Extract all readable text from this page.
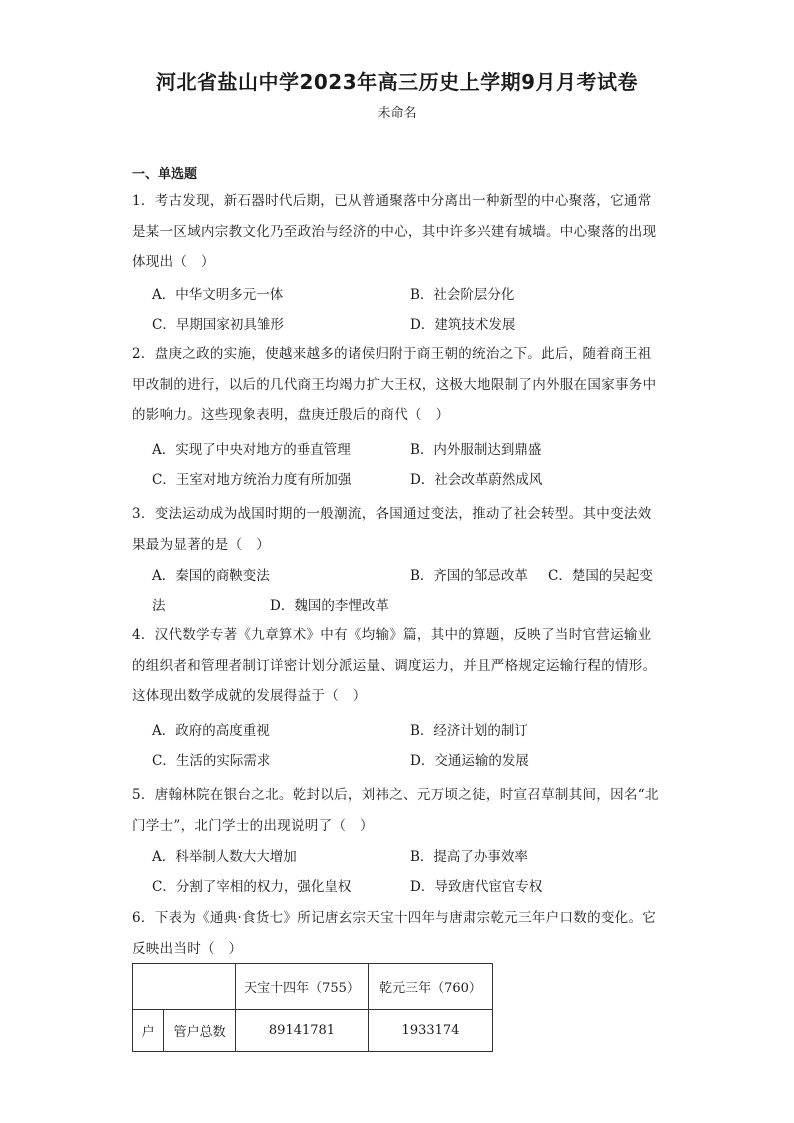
河北省盐山中学2023年高三历史上学期9月月考试卷
未命名
一、单选题
1．考古发现，新石器时代后期，已从普通聚落中分离出一种新型的中心聚落，它通常是某一区域内宗教文化乃至政治与经济的中心，其中许多兴建有城墙。中心聚落的出现体现出（　）
A．中华文明多元一体	B．社会阶层分化
C．早期国家初具雏形	D．建筑技术发展
2．盘庚之政的实施，使越来越多的诸侯归附于商王朝的统治之下。此后，随着商王祖甲改制的进行，以后的几代商王均竭力扩大王权，这极大地限制了内外服在国家事务中的影响力。这些现象表明，盘庚迁殷后的商代（　）
A．实现了中央对地方的垂直管理	B．内外服制达到鼎盛
C．王室对地方统治力度有所加强	D．社会改革蔚然成风
3．变法运动成为战国时期的一般潮流，各国通过变法，推动了社会转型。其中变法效果最为显著的是（　）
A．秦国的商鞅变法	B．齐国的邹忌改革 C．楚国的吴起变
法	D．魏国的李悝改革
4．汉代数学专著《九章算术》中有《均输》篇，其中的算题，反映了当时官营运输业的组织者和管理者制订详密计划分派运量、调度运力，并且严格规定运输行程的情形。这体现出数学成就的发展得益于（　）
A．政府的高度重视	B．经济计划的制订
C．生活的实际需求	D．交通运输的发展
5．唐翰林院在银台之北。乾封以后，刘祎之、元万顷之徒，时宣召草制其间，因名“北门学士”，北门学士的出现说明了（　）
A．科举制人数大大增加	B．提高了办事效率
C．分割了宰相的权力，强化皇权	D．导致唐代宦官专权
6．下表为《通典·食货七》所记唐玄宗天宝十四年与唐肃宗乾元三年户口数的变化。它反映出当时（　）
		天宝十四年（755）	乾元三年（760）
户	管户总数	89141781	1933174
